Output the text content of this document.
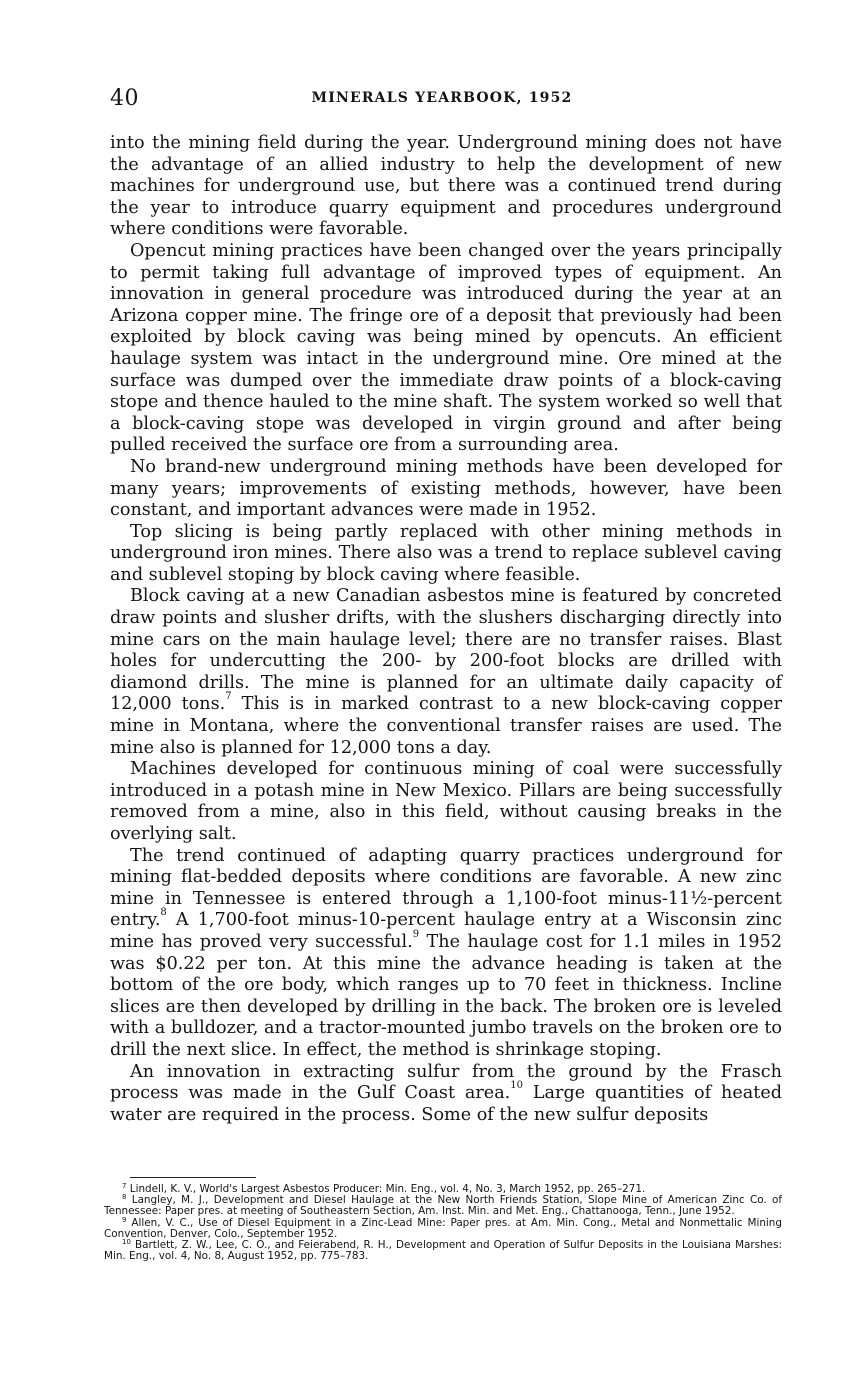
40	MINERALS YEARBOOK, 1952

into the mining field during the year. Underground mining does not have the advantage of an allied industry to help the development of new machines for underground use, but there was a continued trend during the year to introduce quarry equipment and procedures underground where conditions were favorable.

Opencut mining practices have been changed over the years principally to permit taking full advantage of improved types of equipment. An innovation in general procedure was introduced during the year at an Arizona copper mine. The fringe ore of a deposit that previously had been exploited by block caving was being mined by opencuts. An efficient haulage system was intact in the underground mine. Ore mined at the surface was dumped over the immediate draw points of a block-caving stope and thence hauled to the mine shaft. The system worked so well that a block-caving stope was developed in virgin ground and after being pulled received the surface ore from a surrounding area.

No brand-new underground mining methods have been developed for many years; improvements of existing methods, however, have been constant, and important advances were made in 1952.

Top slicing is being partly replaced with other mining methods in underground iron mines. There also was a trend to replace sublevel caving and sublevel stoping by block caving where feasible.

Block caving at a new Canadian asbestos mine is featured by concreted draw points and slusher drifts, with the slushers discharging directly into mine cars on the main haulage level; there are no transfer raises. Blast holes for undercutting the 200- by 200-foot blocks are drilled with diamond drills. The mine is planned for an ultimate daily capacity of 12,000 tons.$^7$ This is in marked contrast to a new block-caving copper mine in Montana, where the conventional transfer raises are used. The mine also is planned for 12,000 tons a day.

Machines developed for continuous mining of coal were successfully introduced in a potash mine in New Mexico. Pillars are being successfully removed from a mine, also in this field, without causing breaks in the overlying salt.

The trend continued of adapting quarry practices underground for mining flat-bedded deposits where conditions are favorable. A new zinc mine in Tennessee is entered through a 1,100-foot minus-11½-percent entry.$^8$ A 1,700-foot minus-10-percent haulage entry at a Wisconsin zinc mine has proved very successful.$^9$ The haulage cost for 1.1 miles in 1952 was $0.22 per ton. At this mine the advance heading is taken at the bottom of the ore body, which ranges up to 70 feet in thickness. Incline slices are then developed by drilling in the back. The broken ore is leveled with a bulldozer, and a tractor-mounted jumbo travels on the broken ore to drill the next slice. In effect, the method is shrinkage stoping.

An innovation in extracting sulfur from the ground by the Frasch process was made in the Gulf Coast area.$^{10}$ Large quantities of heated water are required in the process. Some of the new sulfur deposits

$^7$ Lindell, K. V., World's Largest Asbestos Producer: Min. Eng., vol. 4, No. 3, March 1952, pp. 265–271.

$^8$ Langley, M. J., Development and Diesel Haulage at the New North Friends Station, Slope Mine of American Zinc Co. of Tennessee: Paper pres. at meeting of Southeastern Section, Am. Inst. Min. and Met. Eng., Chattanooga, Tenn., June 1952.

$^9$ Allen, V. C., Use of Diesel Equipment in a Zinc-Lead Mine: Paper pres. at Am. Min. Cong., Metal and Nonmettalic Mining Convention, Denver, Colo., September 1952.

$^{10}$ Bartlett, Z. W., Lee, C. O., and Feierabend, R. H., Development and Operation of Sulfur Deposits in the Louisiana Marshes: Min. Eng., vol. 4, No. 8, August 1952, pp. 775–783.
